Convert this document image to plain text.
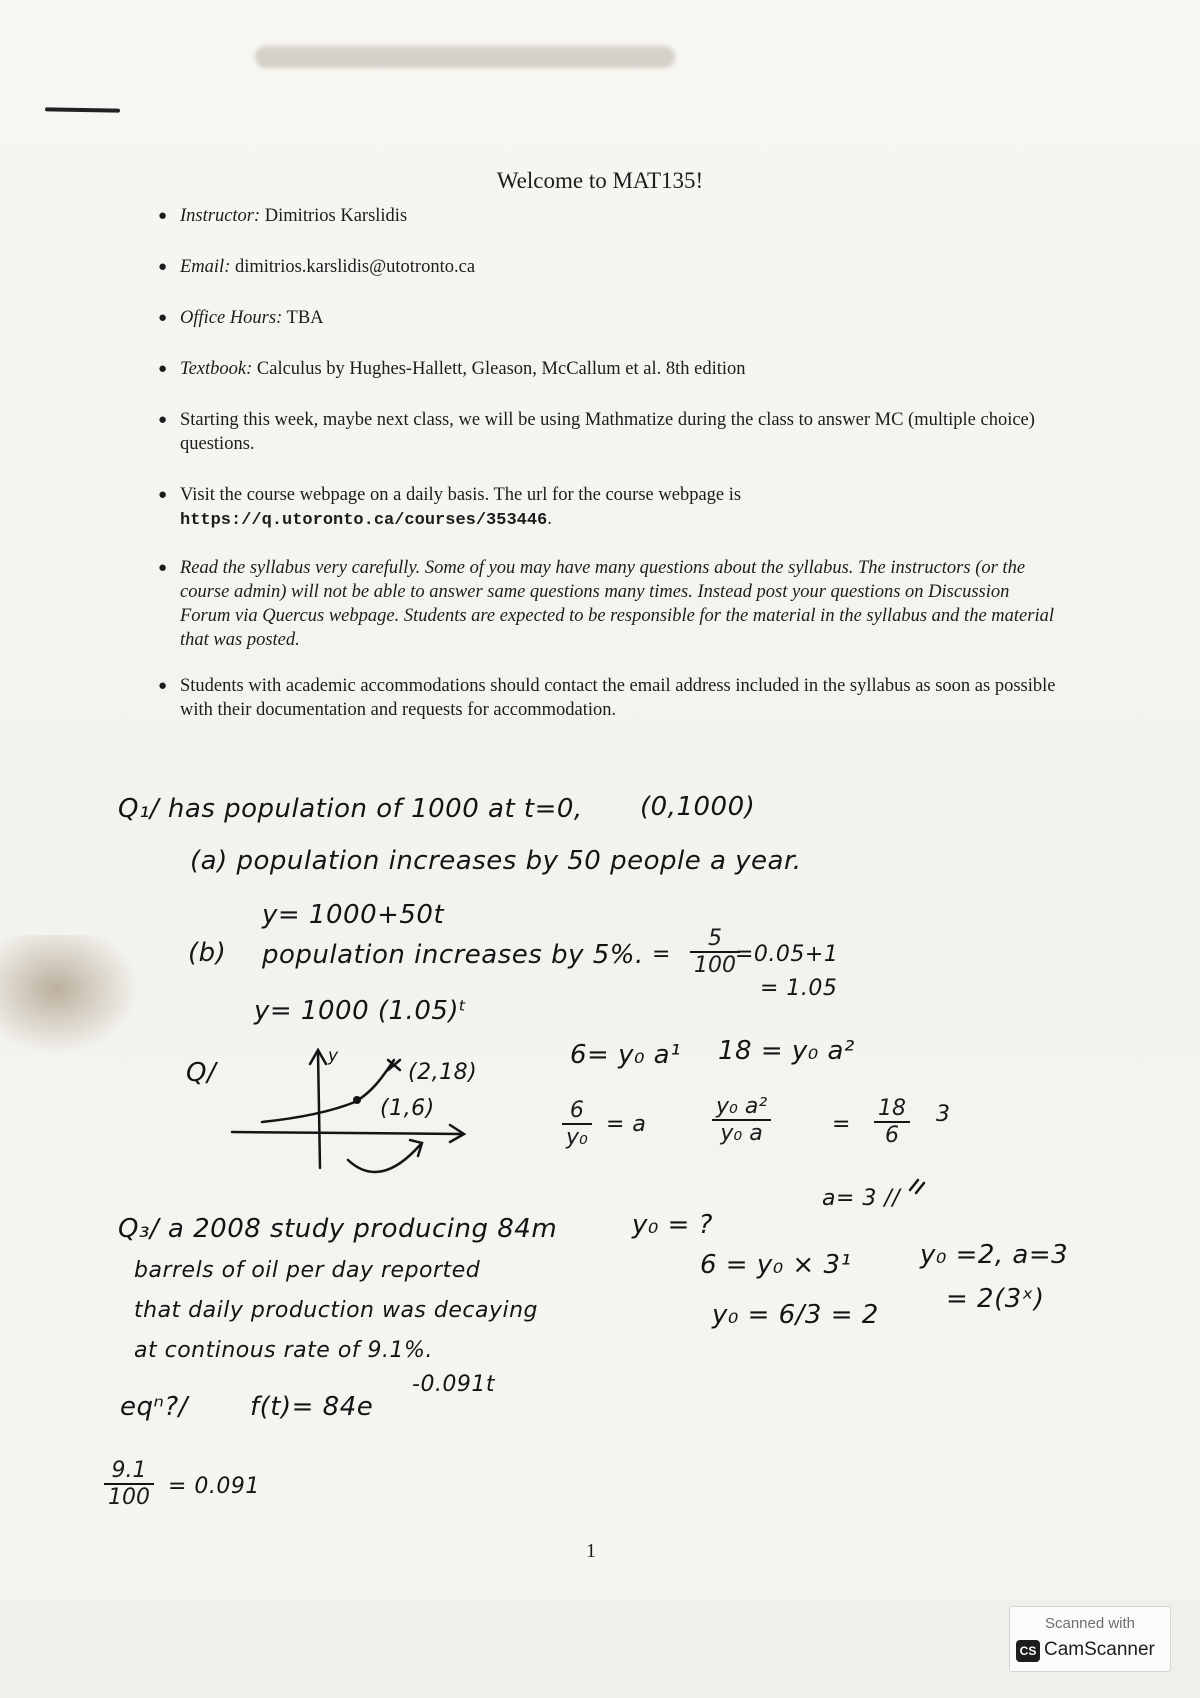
Welcome to MAT135!
● Instructor: Dimitrios Karslidis
● Email: dimitrios.karslidis@utotronto.ca
● Office Hours: TBA
● Textbook: Calculus by Hughes-Hallett, Gleason, McCallum et al. 8th edition
● Starting this week, maybe next class, we will be using Mathmatize during the class to answer MC (multiple choice) questions.
● Visit the course webpage on a daily basis. The url for the course webpage is https://q.utoronto.ca/courses/353446.
● Read the syllabus very carefully. Some of you may have many questions about the syllabus. The instructors (or the course admin) will not be able to answer same questions many times. Instead post your questions on Discussion Forum via Quercus webpage. Students are expected to be responsible for the material in the syllabus and the material that was posted.
● Students with academic accommodations should contact the email address included in the syllabus as soon as possible with their documentation and requests for accommodation.
Q₁/ has population of 1000 at t=0, (0,1000)
(a) population increases by 50 people a year.
y= 1000+50t
(b) population increases by 5%. = $\frac{5}{100}$
=0.05+1
= 1.05
y= 1000 (1.05)ᵗ
Q/
y
(2,18)
(1,6)
6= y₀ a¹ 18 = y₀ a²
$\frac{6}{\text{y₀}} = a$	$\frac{\text{y₀ a²}}{\text{y₀ a}}$	= $\frac{18}{6} 3$
y₀ = ?
a= 3 //
6 = y₀ × 3¹
y₀ = 6/3 = 2
y₀ =2, a=3
= 2(3ˣ)
Q₃/ a 2008 study producing 84m
barrels of oil per day reported
that daily production was decaying
at continous rate of 9.1%.
eqⁿ?/ f(t)= 84e
-0.091t
$\frac{9.1}{100} = 0.091$
1
Scanned with
CS CamScanner
